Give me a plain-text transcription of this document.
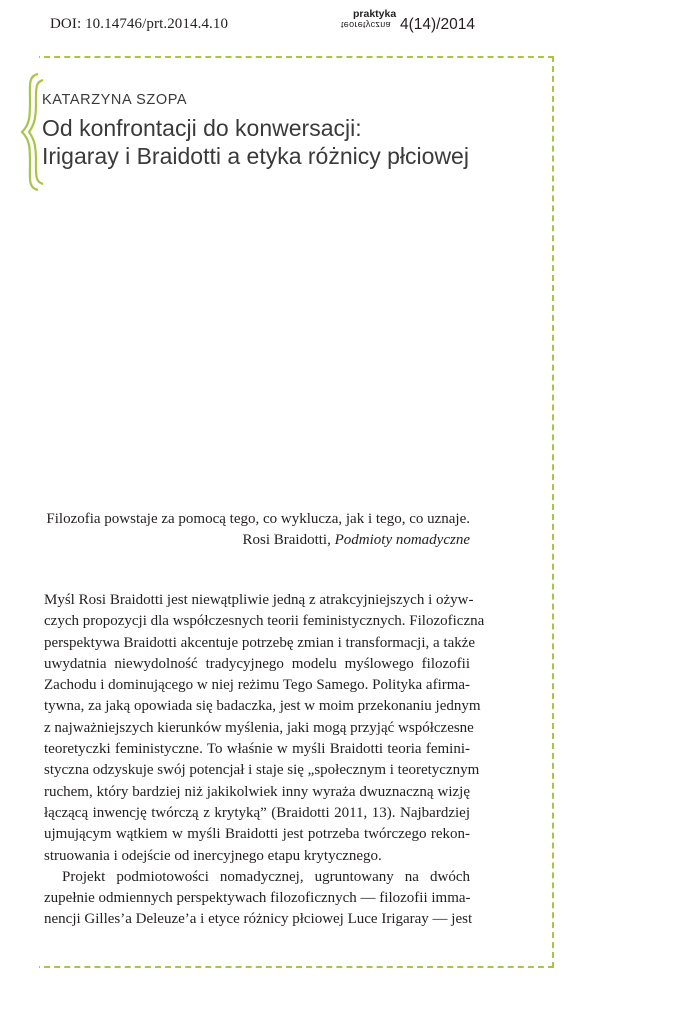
DOI: 10.14746/prt.2014.4.10
praktyka
teoretyczna 4(14)/2014
KATARZYNA SZOPA
Od konfrontacji do konwersacji:
Irigaray i Braidotti a etyka różnicy płciowej
Filozofia powstaje za pomocą tego, co wyklucza, jak i tego, co uznaje.
Rosi Braidotti, Podmioty nomadyczne

Myśl Rosi Braidotti jest niewątpliwie jedną z atrakcyjniejszych i ożyw-
czych propozycji dla współczesnych teorii feministycznych. Filozoficzna
perspektywa Braidotti akcentuje potrzebę zmian i transformacji, a także
uwydatnia niewydolność tradycyjnego modelu myślowego filozofii
Zachodu i dominującego w niej reżimu Tego Samego. Polityka afirma-
tywna, za jaką opowiada się badaczka, jest w moim przekonaniu jednym
z najważniejszych kierunków myślenia, jaki mogą przyjąć współczesne
teoretyczki feministyczne. To właśnie w myśli Braidotti teoria femini-
styczna odzyskuje swój potencjał i staje się „społecznym i teoretycznym
ruchem, który bardziej niż jakikolwiek inny wyraża dwuznaczną wizję
łączącą inwencję twórczą z krytyką” (Braidotti 2011, 13). Najbardziej
ujmującym wątkiem w myśli Braidotti jest potrzeba twórczego rekon-
struowania i odejście od inercyjnego etapu krytycznego.

Projekt podmiotowości nomadycznej, ugruntowany na dwóch
zupełnie odmiennych perspektywach filozoficznych — filozofii imma-
nencji Gilles’a Deleuze’a i etyce różnicy płciowej Luce Irigaray — jest
